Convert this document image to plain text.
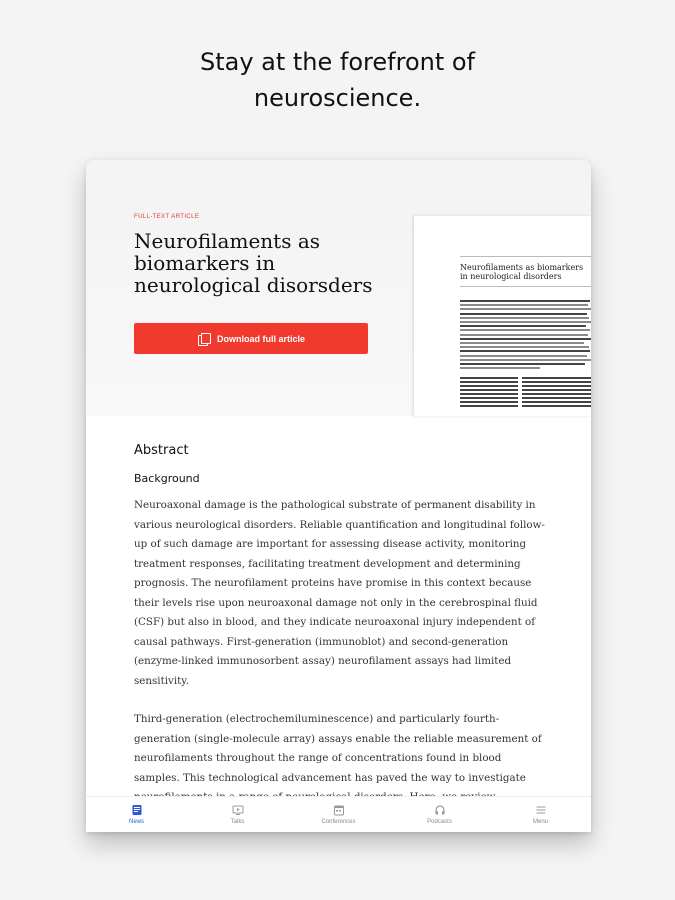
Stay at the forefront of
neuroscience.
FULL-TEXT ARTICLE
Neurofilaments as biomarkers in neurological disorsders
Download full article
Neurofilaments as biomarkers in neurological disorders
Abstract
Background
Neuroaxonal damage is the pathological substrate of permanent disability in various neurological disorders. Reliable quantification and longitudinal follow-up of such damage are important for assessing disease activity, monitoring treatment responses, facilitating treatment development and determining prognosis. The neurofilament proteins have promise in this context because their levels rise upon neuroaxonal damage not only in the cerebrospinal fluid (CSF) but also in blood, and they indicate neuroaxonal injury independent of causal pathways. First-generation (immunoblot) and second-generation (enzyme-linked immunosorbent assay) neurofilament assays had limited sensitivity.
Third-generation (electrochemiluminescence) and particularly fourth-generation (single-molecule array) assays enable the reliable measurement of neurofilaments throughout the range of concentrations found in blood samples. This technological advancement has paved the way to investigate
News	Talks	Conferences	Podcasts	Menu
